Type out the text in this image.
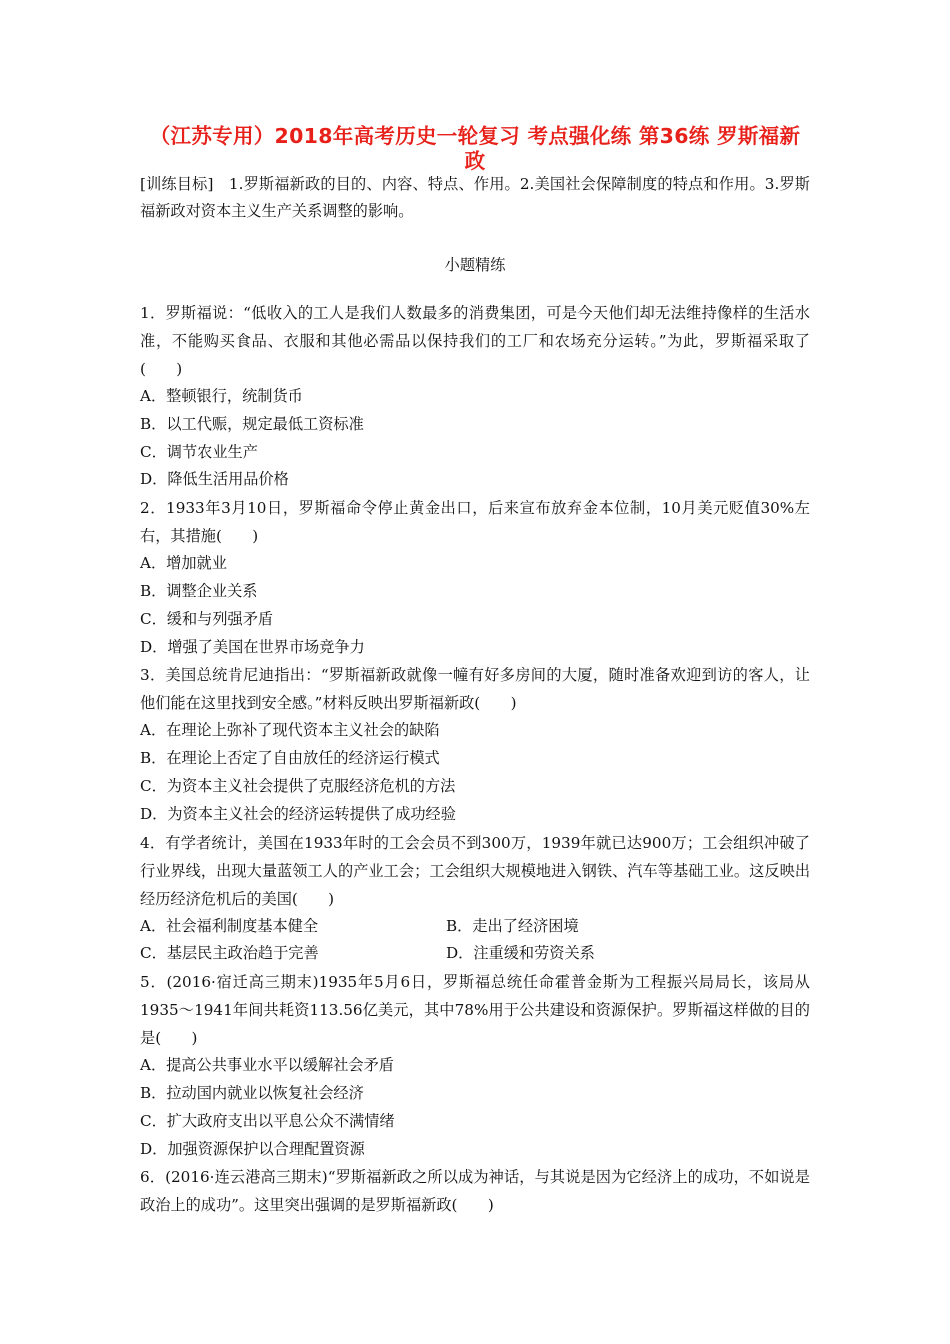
（江苏专用）2018年高考历史一轮复习 考点强化练 第36练 罗斯福新政
[训练目标]　1.罗斯福新政的目的、内容、特点、作用。2.美国社会保障制度的特点和作用。3.罗斯福新政对资本主义生产关系调整的影响。
小题精练
1．罗斯福说：“低收入的工人是我们人数最多的消费集团，可是今天他们却无法维持像样的生活水准，不能购买食品、衣服和其他必需品以保持我们的工厂和农场充分运转。”为此，罗斯福采取了(　　)
A．整顿银行，统制货币
B．以工代赈，规定最低工资标准
C．调节农业生产
D．降低生活用品价格
2．1933年3月10日，罗斯福命令停止黄金出口，后来宣布放弃金本位制，10月美元贬值30%左右，其措施(　　)
A．增加就业
B．调整企业关系
C．缓和与列强矛盾
D．增强了美国在世界市场竞争力
3．美国总统肯尼迪指出：“罗斯福新政就像一幢有好多房间的大厦，随时准备欢迎到访的客人，让他们能在这里找到安全感。”材料反映出罗斯福新政(　　)
A．在理论上弥补了现代资本主义社会的缺陷
B．在理论上否定了自由放任的经济运行模式
C．为资本主义社会提供了克服经济危机的方法
D．为资本主义社会的经济运转提供了成功经验
4．有学者统计，美国在1933年时的工会会员不到300万，1939年就已达900万；工会组织冲破了行业界线，出现大量蓝领工人的产业工会；工会组织大规模地进入钢铁、汽车等基础工业。这反映出经历经济危机后的美国(　　)
A．社会福利制度基本健全	B．走出了经济困境
C．基层民主政治趋于完善	D．注重缓和劳资关系
5．(2016·宿迁高三期末)1935年5月6日，罗斯福总统任命霍普金斯为工程振兴局局长，该局从1935～1941年间共耗资113.56亿美元，其中78%用于公共建设和资源保护。罗斯福这样做的目的是(　　)
A．提高公共事业水平以缓解社会矛盾
B．拉动国内就业以恢复社会经济
C．扩大政府支出以平息公众不满情绪
D．加强资源保护以合理配置资源
6．(2016·连云港高三期末)“罗斯福新政之所以成为神话，与其说是因为它经济上的成功，不如说是政治上的成功”。这里突出强调的是罗斯福新政(　　)
